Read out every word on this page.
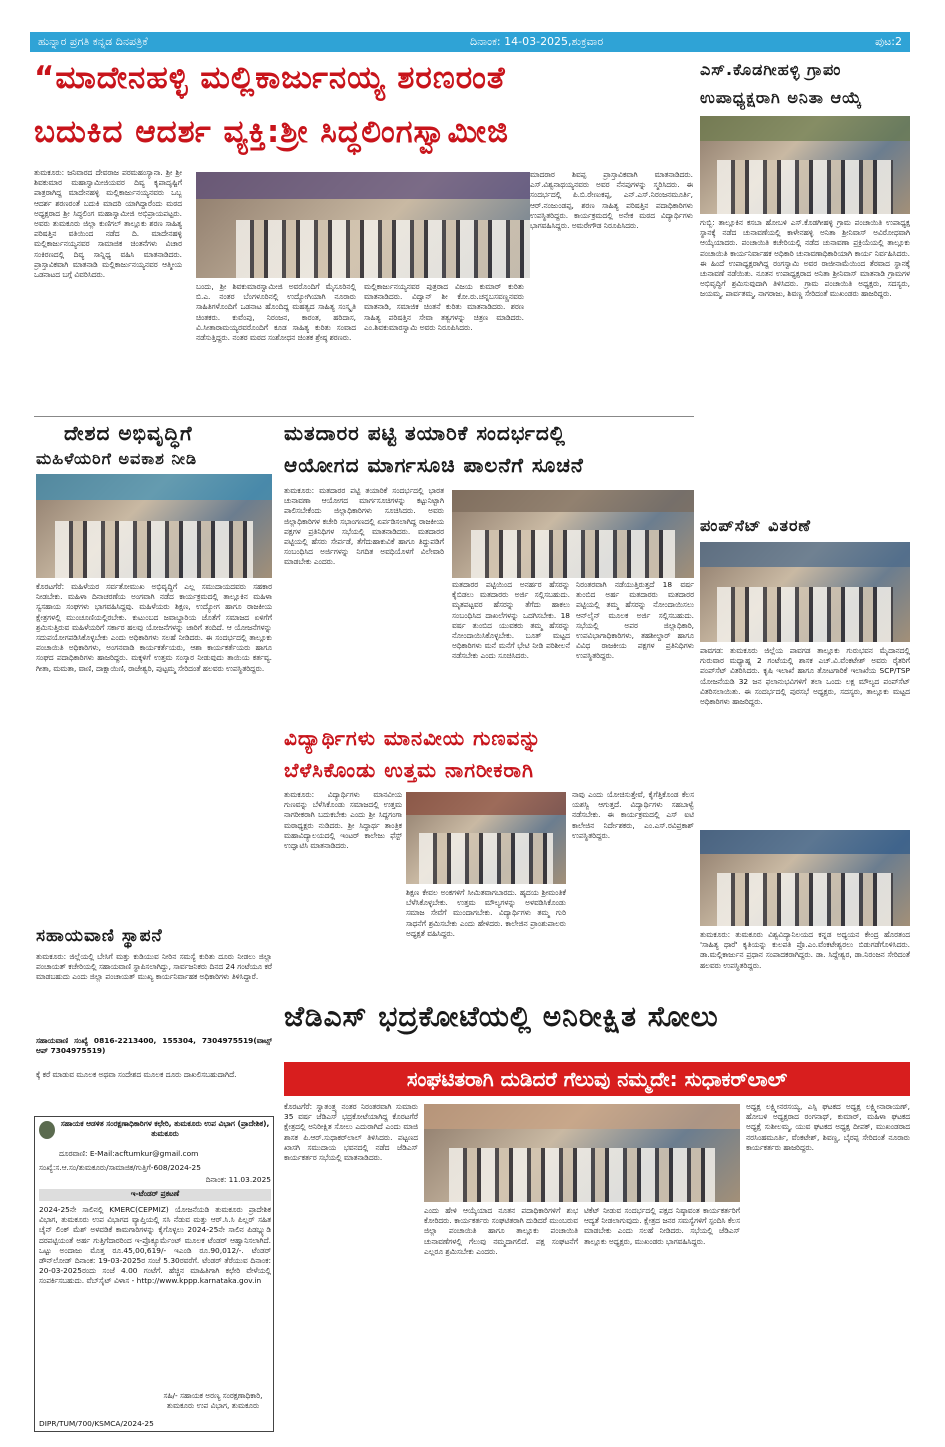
ಹುನ್ನಾರ ಪ್ರಗತಿ ಕನ್ನಡ ದಿನಪತ್ರಿಕೆ	ದಿನಾಂಕ: 14-03-2025,ಶುಕ್ರವಾರ	ಪುಟ:2
“ಮಾದೇನಹಳ್ಳಿ ಮಲ್ಲಿಕಾರ್ಜುನಯ್ಯ ಶರಣರಂತೆ
ಬದುಕಿದ ಆದರ್ಶ ವ್ಯಕ್ತಿ:ಶ್ರೀ ಸಿದ್ಧಲಿಂಗಸ್ವಾಮೀಜಿ
ತುಮಕೂರು: ಜನಿವಾರದ ದೇವರಾಜ ಪರಮಹಂಸ್ಯಾನಾ. ಶ್ರೀ ಶ್ರೀ ಶಿವಕುಮಾರ ಮಹಾಸ್ವಾಮೀಜಿಯವರ ದಿವ್ಯ ಕೃಪಾದೃಷ್ಟಿಗೆ ಪಾತ್ರರಾಗಿದ್ದ ಮಾದೇನಹಳ್ಳಿ ಮಲ್ಲಿಕಾರ್ಜುನಯ್ಯನವರು ಒಬ್ಬ ಆದರ್ಶ ಶರಣರಂತೆ ಬದುಕಿ ಮಾದರಿ ಯಾಗಿದ್ದಾರೆಂದು ಮಠದ ಅಧ್ಯಕ್ಷರಾದ ಶ್ರೀ ಸಿದ್ಧಲಿಂಗ ಮಹಾಸ್ವಾಮೀಜಿ ಅಭಿಪ್ರಾಯಪಟ್ಟರು. ಅವರು ತುಮಕೂರು ಜಿಲ್ಲಾ ಕುಣಿಗಲ್ ತಾಲ್ಲೂಕು ಶರಣ ಸಾಹಿತ್ಯ ಪರಿಷತ್ತಿನ ವತಿಯಿಂದ ನಡೆದ ದಿ. ಮಾದೇನಹಳ್ಳಿ ಮಲ್ಲಿಕಾರ್ಜುನಯ್ಯನವರ ಸಾಮಾಜಿಕ ಚಿಂತನೆಗಳು ವಿಚಾರ ಸಂಕಿರಣದಲ್ಲಿ ದಿವ್ಯ ಸಾನ್ನಿಧ್ಯ ವಹಿಸಿ ಮಾತನಾಡಿದರು. ಪ್ರಾಸ್ತಾವಿಕವಾಗಿ ಮಾತನಾಡಿ ಮಲ್ಲಿಕಾರ್ಜುನಯ್ಯನವರ ಆತ್ಮೀಯ ಒಡನಾಟದ ಬಗ್ಗೆ ವಿವರಿಸಿದರು.
ಬಂದು, ಶ್ರೀ ಶಿವಕುಮಾರಸ್ವಾಮೀಜಿ ಅವರೊಂದಿಗೆ ಮೈಸೂರಿನಲ್ಲಿ ಬಿ.ಎ. ನಂತರ ಬೆಂಗಳೂರಿನಲ್ಲಿ ಉದ್ಯೋಗಿಯಾಗಿ ನೂರಾರು ಸಾಹಿತಿಗಳೊಂದಿಗೆ ಒಡನಾಟ ಹೊಂದಿದ್ದ ಮಹತ್ವದ ಸಾಹಿತ್ಯ ಸಂಸ್ಕೃತಿ ಚಿಂತಕರು. ಕುವೆಂಪು, ನಿರಂಜನ, ಕಾರಂತ, ಹರಿದಾಸ, ವಿ.ಸೀತಾರಾಮಯ್ಯರವರೊಂದಿಗೆ ಕೂಡ ಸಾಹಿತ್ಯ ಕುರಿತು ಸಂವಾದ ನಡೆಸುತ್ತಿದ್ದರು. ನಂತರ ಮಠದ ಸಂಶೋಧನ ಚಿಂತಕ ಶ್ರೇಷ್ಠ ಶರಣರು.
ಮಲ್ಲಿಕಾರ್ಜುನಯ್ಯನವರ ಪುತ್ರರಾದ ವಿಜಯ ಕುಮಾರ್ ಕುರಿತು ಮಾತನಾಡಿದರು. ವಿದ್ವಾನ್ ಶೀ ಕೋ.ರು.ಚನ್ನಬಸವಣ್ಣನವರು ಮಾತನಾಡಿ, ಸಮಾಜಿಕ ಚಿಂತನೆ ಕುರಿತು ಮಾತನಾಡಿದರು. ಶರಣ ಸಾಹಿತ್ಯ ಪರಿಷತ್ತಿನ ಸೇವಾ ತತ್ವಗಳನ್ನು ಚಿತ್ರಣ ಮಾಡಿದರು. ಎಂ.ಶಿವಕುಮಾರಸ್ವಾಮಿ ಅವರು ನಿರೂಪಿಸಿದರು.
ಮಾದರಾರ ಶಿವಪ್ಪ ಪ್ರಾಸ್ತಾವಿಕವಾಗಿ ಮಾತನಾಡಿದರು. ಎಸ್.ವಿಶ್ವನಾಥಯ್ಯನವರು ಅವರ ನೆನಪುಗಳನ್ನು ಸ್ಮರಿಸಿದರು. ಈ ಸಂದರ್ಭದಲ್ಲಿ ಪಿ.ಬಿ.ರೇಣುಕಪ್ಪ, ಎನ್.ಎಸ್.ನಿರಂಜನಮೂರ್ತಿ, ಆರ್.ನಂಜುಂಡಪ್ಪ, ಶರಣ ಸಾಹಿತ್ಯ ಪರಿಷತ್ತಿನ ಪದಾಧಿಕಾರಿಗಳು ಉಪಸ್ಥಿತರಿದ್ದರು. ಕಾರ್ಯಕ್ರಮದಲ್ಲಿ ಅನೇಕ ಮಠದ ವಿದ್ಯಾರ್ಥಿಗಳು ಭಾಗವಹಿಸಿದ್ದರು. ಅಮರೇಗೌಡ ನಿರೂಪಿಸಿದರು.
ದೇಶದ ಅಭಿವೃದ್ಧಿಗೆ
ಮಹಿಳೆಯರಿಗೆ ಅವಕಾಶ ನೀಡಿ
ಕೊರಟಗೆರೆ: ಮಹಿಳೆಯರ ಸರ್ವತೋಮುಖ ಅಭಿವೃದ್ಧಿಗೆ ಎಲ್ಲ ಸಮುದಾಯದವರು ಸಹಕಾರ ನೀಡಬೇಕು. ಮಹಿಳಾ ದಿನಾಚರಣೆಯ ಅಂಗವಾಗಿ ನಡೆದ ಕಾರ್ಯಕ್ರಮದಲ್ಲಿ ತಾಲ್ಲೂಕಿನ ಮಹಿಳಾ ಸ್ವಸಹಾಯ ಸಂಘಗಳು ಭಾಗವಹಿಸಿದ್ದವು. ಮಹಿಳೆಯರು ಶಿಕ್ಷಣ, ಉದ್ಯೋಗ ಹಾಗೂ ರಾಜಕೀಯ ಕ್ಷೇತ್ರಗಳಲ್ಲಿ ಮುಂಚೂಣಿಯಲ್ಲಿರಬೇಕು. ಕುಟುಂಬದ ಜವಾಬ್ದಾರಿಯ ಜೊತೆಗೆ ಸಮಾಜದ ಏಳಿಗೆಗೆ ಶ್ರಮಿಸುತ್ತಿರುವ ಮಹಿಳೆಯರಿಗೆ ಸರ್ಕಾರ ಹಲವು ಯೋಜನೆಗಳನ್ನು ಜಾರಿಗೆ ತಂದಿದೆ. ಆ ಯೋಜನೆಗಳನ್ನು ಸದುಪಯೋಗಪಡಿಸಿಕೊಳ್ಳಬೇಕು ಎಂದು ಅಧಿಕಾರಿಗಳು ಸಲಹೆ ನೀಡಿದರು. ಈ ಸಂದರ್ಭದಲ್ಲಿ ತಾಲ್ಲೂಕು ಪಂಚಾಯಿತಿ ಅಧಿಕಾರಿಗಳು, ಅಂಗನವಾಡಿ ಕಾರ್ಯಕರ್ತೆಯರು, ಆಶಾ ಕಾರ್ಯಕರ್ತೆಯರು ಹಾಗೂ ಸಂಘದ ಪದಾಧಿಕಾರಿಗಳು ಹಾಜರಿದ್ದರು. ಮಕ್ಕಳಿಗೆ ಉತ್ತಮ ಸಂಸ್ಕಾರ ನೀಡುವುದು ತಾಯಿಯ ಕರ್ತವ್ಯ. ಗೀತಾ, ಮಮತಾ, ವಾಣಿ, ದಾಕ್ಷಾಯಿಣಿ, ರಾಜೇಶ್ವರಿ, ಪುಟ್ಟಮ್ಮ ಸೇರಿದಂತೆ ಹಲವರು ಉಪಸ್ಥಿತರಿದ್ದರು.
ಸಹಾಯವಾಣಿ ಸ್ಥಾಪನೆ
ತುಮಕೂರು: ಜಿಲ್ಲೆಯಲ್ಲಿ ಬೇಸಿಗೆ ಮತ್ತು ಕುಡಿಯುವ ನೀರಿನ ಸಮಸ್ಯೆ ಕುರಿತು ದೂರು ನೀಡಲು ಜಿಲ್ಲಾ ಪಂಚಾಯತ್ ಕಚೇರಿಯಲ್ಲಿ ಸಹಾಯವಾಣಿ ಸ್ಥಾಪಿಸಲಾಗಿದ್ದು, ಸಾರ್ವಜನಿಕರು ದಿನದ 24 ಗಂಟೆಯೂ ಕರೆ ಮಾಡಬಹುದು ಎಂದು ಜಿಲ್ಲಾ ಪಂಚಾಯತ್ ಮುಖ್ಯ ಕಾರ್ಯನಿರ್ವಾಹಕ ಅಧಿಕಾರಿಗಳು ತಿಳಿಸಿದ್ದಾರೆ.
ಸಹಾಯವಾಣಿ ಸಂಖ್ಯೆ 0816-2213400, 155304, 7304975519(ವಾಟ್ಸ್ ಆಪ್ 7304975519)
ಕ್ಕೆ ಕರೆ ಮಾಡುವ ಮೂಲಕ ಅಥವಾ ಸಂದೇಶದ ಮೂಲಕ ದೂರು ದಾಖಲಿಸಬಹುದಾಗಿದೆ.
ಸಹಾಯಕ ಆಡಳಿತ ಸಂರಕ್ಷಣಾಧಿಕಾರಿಗಳ ಕಛೇರಿ, ತುಮಕೂರು ಉಪ ವಿಭಾಗ (ಪ್ರಾದೇಶಿಕ), ತುಮಕೂರು
ದೂರವಾಣಿ: E-Mail:acftumkur@gmail.com
ಸಂಖ್ಯೆ:ಸ.ಆ.ಸಂ/ತುಮಕೂರು/ಸಾಮಾಜಿಕ/ಗುತ್ತಿಗೆ-608/2024-25
ದಿನಾಂಕ: 11.03.2025
ಇ-ಟೆಂಡರ್ ಪ್ರಕಟಣೆ
2024-25ನೇ ಸಾಲಿನಲ್ಲಿ KMERC(CEPMIZ) ಯೋಜನೆಯಡಿ ತುಮಕೂರು ಪ್ರಾದೇಶಿಕ ವಿಭಾಗ, ತುಮಕೂರು ಉಪ ವಿಭಾಗದ ವ್ಯಾಪ್ತಿಯಲ್ಲಿ ಸಸಿ ನೆಡುವ ಮತ್ತು ಆರ್.ಸಿ.ಸಿ ಪಿಲ್ಲರ್ ಸಹಿತ ಚೈನ್ ಲಿಂಕ್ ಮೆಶ್ ಅಳವಡಿಕೆ ಕಾಮಗಾರಿಗಳನ್ನು ಕೈಗೊಳ್ಳಲು 2024-25ನೇ ಸಾಲಿನ ಪಿಡಬ್ಲ್ಯುಡಿ ದರಪಟ್ಟಿಯಂತೆ ಅರ್ಹ ಗುತ್ತಿಗೆದಾರರಿಂದ ಇ-ಪ್ರೊಕ್ಯೂರ್ಮೆಂಟ್ ಮೂಲಕ ಟೆಂಡರ್ ಆಹ್ವಾನಿಸಲಾಗಿದೆ. ಒಟ್ಟು ಅಂದಾಜು ಮೊತ್ತ ರೂ.45,00,619/- ಇಎಂಡಿ ರೂ.90,012/-. ಟೆಂಡರ್ ಡೌನ್‌ಲೋಡ್ ದಿನಾಂಕ: 19-03-2025ರ ಸಂಜೆ 5.30ರವರೆಗೆ. ಟೆಂಡರ್ ತೆರೆಯುವ ದಿನಾಂಕ: 20-03-2025ರಂದು ಸಂಜೆ 4.00 ಗಂಟೆಗೆ. ಹೆಚ್ಚಿನ ಮಾಹಿತಿಗಾಗಿ ಕಛೇರಿ ವೇಳೆಯಲ್ಲಿ ಸಂಪರ್ಕಿಸಬಹುದು. ವೆಬ್‌ಸೈಟ್ ವಿಳಾಸ - http://www.kppp.karnataka.gov.in
ಸಹಿ/- ಸಹಾಯಕ ಅರಣ್ಯ ಸಂರಕ್ಷಣಾಧಿಕಾರಿ, ತುಮಕೂರು ಉಪ ವಿಭಾಗ, ತುಮಕೂರು
DIPR/TUM/700/KSMCA/2024-25
ಮತದಾರರ ಪಟ್ಟಿ ತಯಾರಿಕೆ ಸಂದರ್ಭದಲ್ಲಿ
ಆಯೋಗದ ಮಾರ್ಗಸೂಚಿ ಪಾಲನೆಗೆ ಸೂಚನೆ
ತುಮಕೂರು: ಮತದಾರರ ಪಟ್ಟಿ ತಯಾರಿಕೆ ಸಂದರ್ಭದಲ್ಲಿ ಭಾರತ ಚುನಾವಣಾ ಆಯೋಗದ ಮಾರ್ಗಸೂಚಿಗಳನ್ನು ಕಟ್ಟುನಿಟ್ಟಾಗಿ ಪಾಲಿಸಬೇಕೆಂದು ಜಿಲ್ಲಾಧಿಕಾರಿಗಳು ಸೂಚಿಸಿದರು. ಅವರು ಜಿಲ್ಲಾಧಿಕಾರಿಗಳ ಕಚೇರಿ ಸಭಾಂಗಣದಲ್ಲಿ ಏರ್ಪಡಿಸಲಾಗಿದ್ದ ರಾಜಕೀಯ ಪಕ್ಷಗಳ ಪ್ರತಿನಿಧಿಗಳ ಸಭೆಯಲ್ಲಿ ಮಾತನಾಡಿದರು. ಮತದಾರರ ಪಟ್ಟಿಯಲ್ಲಿ ಹೆಸರು ಸೇರ್ಪಡೆ, ತೆಗೆದುಹಾಕುವಿಕೆ ಹಾಗೂ ತಿದ್ದುಪಡಿಗೆ ಸಂಬಂಧಿಸಿದ ಅರ್ಜಿಗಳನ್ನು ನಿಗದಿತ ಅವಧಿಯೊಳಗೆ ವಿಲೇವಾರಿ ಮಾಡಬೇಕು ಎಂದರು.
ಮತದಾರರ ಪಟ್ಟಿಯಿಂದ ಅನರ್ಹರ ಹೆಸರನ್ನು ಕೈಬಿಡಲು ಮತದಾರರು ಅರ್ಜಿ ಸಲ್ಲಿಸಬಹುದು. ಮೃತಪಟ್ಟವರ ಹೆಸರನ್ನು ತೆಗೆದು ಹಾಕಲು ಸಂಬಂಧಿಸಿದ ದಾಖಲೆಗಳನ್ನು ಒದಗಿಸಬೇಕು. 18 ವರ್ಷ ತುಂಬಿದ ಯುವಕರು ತಮ್ಮ ಹೆಸರನ್ನು ನೋಂದಾಯಿಸಿಕೊಳ್ಳಬೇಕು. ಬೂತ್ ಮಟ್ಟದ ಅಧಿಕಾರಿಗಳು ಮನೆ ಮನೆಗೆ ಭೇಟಿ ನೀಡಿ ಪರಿಶೀಲನೆ ನಡೆಸಬೇಕು ಎಂದು ಸೂಚಿಸಿದರು.
ನಿರಂತರವಾಗಿ ನಡೆಯುತ್ತಿರುತ್ತದೆ 18 ವರ್ಷ ತುಂಬಿದ ಅರ್ಹ ಮತದಾರರು ಮತದಾರರ ಪಟ್ಟಿಯಲ್ಲಿ ತಮ್ಮ ಹೆಸರನ್ನು ನೋಂದಾಯಿಸಲು ಆನ್‌ಲೈನ್ ಮೂಲಕ ಅರ್ಜಿ ಸಲ್ಲಿಸಬಹುದು. ಸಭೆಯಲ್ಲಿ ಅಪರ ಜಿಲ್ಲಾಧಿಕಾರಿ, ಉಪವಿಭಾಗಾಧಿಕಾರಿಗಳು, ತಹಶೀಲ್ದಾರ್ ಹಾಗೂ ವಿವಿಧ ರಾಜಕೀಯ ಪಕ್ಷಗಳ ಪ್ರತಿನಿಧಿಗಳು ಉಪಸ್ಥಿತರಿದ್ದರು.
ವಿದ್ಯಾರ್ಥಿಗಳು ಮಾನವೀಯ ಗುಣವನ್ನು
ಬೆಳೆಸಿಕೊಂಡು ಉತ್ತಮ ನಾಗರೀಕರಾಗಿ
ತುಮಕೂರು: ವಿದ್ಯಾರ್ಥಿಗಳು ಮಾನವೀಯ ಗುಣವನ್ನು ಬೆಳೆಸಿಕೊಂಡು ಸಮಾಜದಲ್ಲಿ ಉತ್ತಮ ನಾಗರೀಕರಾಗಿ ಬದುಕಬೇಕು ಎಂದು ಶ್ರೀ ಸಿದ್ದಗಂಗಾ ಮಠಾಧ್ಯಕ್ಷರು ನುಡಿದರು. ಶ್ರೀ ಸಿದ್ಧಾರ್ಥ ತಾಂತ್ರಿಕ ಮಹಾವಿದ್ಯಾಲಯದಲ್ಲಿ ಇಂಟರ್ ಕಾಲೇಜು ಫೆಸ್ಟ್ ಉದ್ಘಾಟಿಸಿ ಮಾತನಾಡಿದರು.
ಶಿಕ್ಷಣ ಕೇವಲ ಅಂಕಗಳಿಗೆ ಸೀಮಿತವಾಗಬಾರದು. ಹೃದಯ ಶ್ರೀಮಂತಿಕೆ ಬೆಳೆಸಿಕೊಳ್ಳಬೇಕು. ಉತ್ತಮ ಮೌಲ್ಯಗಳನ್ನು ಅಳವಡಿಸಿಕೊಂಡು ಸಮಾಜ ಸೇವೆಗೆ ಮುಂದಾಗಬೇಕು. ವಿದ್ಯಾರ್ಥಿಗಳು ತಮ್ಮ ಗುರಿ ಸಾಧನೆಗೆ ಶ್ರಮಿಸಬೇಕು ಎಂದು ಹೇಳಿದರು. ಕಾಲೇಜಿನ ಪ್ರಾಂಶುಪಾಲರು ಅಧ್ಯಕ್ಷತೆ ವಹಿಸಿದ್ದರು.
ನಾವು ಎಂದು ಯೋಚಿಸುತ್ತೇವೆ, ಕೈಗೆತ್ತಿಕೊಂಡ ಕೆಲಸ ಯಶಸ್ವಿ ಆಗುತ್ತದೆ. ವಿದ್ಯಾರ್ಥಿಗಳು ಸಹಬಾಳ್ವೆ ನಡೆಸಬೇಕು. ಈ ಕಾರ್ಯಕ್ರಮದಲ್ಲಿ ಎಸ್ ಐಟಿ ಕಾಲೇಜಿನ ನಿರ್ದೇಶಕರು, ಎಂ.ಎಸ್.ರವಿಪ್ರಕಾಶ್ ಉಪಸ್ಥಿತರಿದ್ದರು.
ಎಸ್.ಕೊಡಗೀಹಳ್ಳಿ ಗ್ರಾಪಂ
ಉಪಾಧ್ಯಕ್ಷರಾಗಿ ಅನಿತಾ ಆಯ್ಕೆ
ಗುಬ್ಬಿ: ತಾಲ್ಲೂಕಿನ ಕಸಬಾ ಹೋಬಳಿ ಎಸ್.ಕೊಡಗೀಹಳ್ಳಿ ಗ್ರಾಮ ಪಂಚಾಯಿತಿ ಉಪಾಧ್ಯಕ್ಷ ಸ್ಥಾನಕ್ಕೆ ನಡೆದ ಚುನಾವಣೆಯಲ್ಲಿ ಕಾಳೇನಹಳ್ಳಿ ಅನಿತಾ ಶ್ರೀನಿವಾಸ್ ಅವಿರೋಧವಾಗಿ ಆಯ್ಕೆಯಾದರು. ಪಂಚಾಯಿತಿ ಕಚೇರಿಯಲ್ಲಿ ನಡೆದ ಚುನಾವಣಾ ಪ್ರಕ್ರಿಯೆಯಲ್ಲಿ ತಾಲ್ಲೂಕು ಪಂಚಾಯಿತಿ ಕಾರ್ಯನಿರ್ವಾಹಕ ಅಧಿಕಾರಿ ಚುನಾವಣಾಧಿಕಾರಿಯಾಗಿ ಕಾರ್ಯ ನಿರ್ವಹಿಸಿದರು. ಈ ಹಿಂದೆ ಉಪಾಧ್ಯಕ್ಷರಾಗಿದ್ದ ರಂಗಸ್ವಾಮಿ ಅವರ ರಾಜೀನಾಮೆಯಿಂದ ತೆರವಾದ ಸ್ಥಾನಕ್ಕೆ ಚುನಾವಣೆ ನಡೆಯಿತು. ನೂತನ ಉಪಾಧ್ಯಕ್ಷರಾದ ಅನಿತಾ ಶ್ರೀನಿವಾಸ್ ಮಾತನಾಡಿ ಗ್ರಾಮಗಳ ಅಭಿವೃದ್ಧಿಗೆ ಶ್ರಮಿಸುವುದಾಗಿ ತಿಳಿಸಿದರು. ಗ್ರಾಮ ಪಂಚಾಯಿತಿ ಅಧ್ಯಕ್ಷರು, ಸದಸ್ಯರು, ಜಯಮ್ಮ, ಪಾರ್ವತಮ್ಮ, ನಾಗರಾಜು, ಶಿವಣ್ಣ ಸೇರಿದಂತೆ ಮುಖಂಡರು ಹಾಜರಿದ್ದರು.
ಪಂಪ್‌ಸೆಟ್ ವಿತರಣೆ
ಪಾವಗಡ: ತುಮಕೂರು ಜಿಲ್ಲೆಯ ಪಾವಗಡ ತಾಲ್ಲೂಕು ಗುರುಭವನ ಮೈದಾನದಲ್ಲಿ ಗುರುವಾರ ಮಧ್ಯಾಹ್ನ 2 ಗಂಟೆಯಲ್ಲಿ ಶಾಸಕ ಎಚ್.ವಿ.ವೆಂಕಟೇಶ್ ಅವರು ರೈತರಿಗೆ ಪಂಪ್‌ಸೆಟ್ ವಿತರಿಸಿದರು. ಕೃಷಿ ಇಲಾಖೆ ಹಾಗೂ ತೋಟಗಾರಿಕೆ ಇಲಾಖೆಯ SCP/TSP ಯೋಜನೆಯಡಿ 32 ಜನ ಫಲಾನುಭವಿಗಳಿಗೆ ತಲಾ ಒಂದು ಲಕ್ಷ ಮೌಲ್ಯದ ಪಂಪ್‌ಸೆಟ್ ವಿತರಿಸಲಾಯಿತು. ಈ ಸಂದರ್ಭದಲ್ಲಿ ಪುರಸಭೆ ಅಧ್ಯಕ್ಷರು, ಸದಸ್ಯರು, ತಾಲ್ಲೂಕು ಮಟ್ಟದ ಅಧಿಕಾರಿಗಳು ಹಾಜರಿದ್ದರು.
ತುಮಕೂರು: ತುಮಕೂರು ವಿಶ್ವವಿದ್ಯಾನಿಲಯದ ಕನ್ನಡ ಅಧ್ಯಯನ ಕೇಂದ್ರ ಹೊರತಂದ 'ಸಾಹಿತ್ಯ ಧಾರೆ' ಕೃತಿಯನ್ನು ಕುಲಪತಿ ಪ್ರೊ.ಎಂ.ವೆಂಕಟೇಶ್ವರಲು ಬಿಡುಗಡೆಗೊಳಿಸಿದರು. ಡಾ.ಮಲ್ಲಿಕಾರ್ಜುನ ಪ್ರಧಾನ ಸಂಪಾದಕರಾಗಿದ್ದರು. ಡಾ. ಸಿದ್ದೇಶ್ವರ, ಡಾ.ನಿರಂಜನ ಸೇರಿದಂತೆ ಹಲವರು ಉಪಸ್ಥಿತರಿದ್ದರು.
ಜೆಡಿಎಸ್ ಭದ್ರಕೋಟೆಯಲ್ಲಿ ಅನಿರೀಕ್ಷಿತ ಸೋಲು
ಸಂಘಟಿತರಾಗಿ ದುಡಿದರೆ ಗೆಲುವು ನಮ್ಮದೇ: ಸುಧಾಕರ್‌ಲಾಲ್
ಕೊರಟಗೆರೆ: ಸ್ವಾತಂತ್ರ್ಯ ನಂತರ ನಿರಂತರವಾಗಿ ಸುಮಾರು 35 ವರ್ಷ ಜೆಡಿಎಸ್ ಭದ್ರಕೋಟೆಯಾಗಿದ್ದ ಕೊರಟಗೆರೆ ಕ್ಷೇತ್ರದಲ್ಲಿ ಅನಿರೀಕ್ಷಿತ ಸೋಲು ಎದುರಾಗಿದೆ ಎಂದು ಮಾಜಿ ಶಾಸಕ ಪಿ.ಆರ್.ಸುಧಾಕರ್‌ಲಾಲ್ ತಿಳಿಸಿದರು. ಪಟ್ಟಣದ ಖಾಸಗಿ ಸಮುದಾಯ ಭವನದಲ್ಲಿ ನಡೆದ ಜೆಡಿಎಸ್ ಕಾರ್ಯಕರ್ತರ ಸಭೆಯಲ್ಲಿ ಮಾತನಾಡಿದರು.
ಎಂದು ಹೇಳಿ ಆಯ್ಕೆಯಾದ ನೂತನ ಪದಾಧಿಕಾರಿಗಳಿಗೆ ಶುಭ ಕೋರಿದರು. ಕಾರ್ಯಕರ್ತರು ಸಂಘಟಿತರಾಗಿ ದುಡಿದರೆ ಮುಂಬರುವ ಜಿಲ್ಲಾ ಪಂಚಾಯಿತಿ ಹಾಗೂ ತಾಲ್ಲೂಕು ಪಂಚಾಯಿತಿ ಚುನಾವಣೆಗಳಲ್ಲಿ ಗೆಲುವು ನಮ್ಮದಾಗಲಿದೆ. ಪಕ್ಷ ಸಂಘಟನೆಗೆ ಎಲ್ಲರೂ ಶ್ರಮಿಸಬೇಕು ಎಂದರು.
ಟಿಕೆಟ್ ನೀಡುವ ಸಂದರ್ಭದಲ್ಲಿ ಪಕ್ಷದ ನಿಷ್ಠಾವಂತ ಕಾರ್ಯಕರ್ತರಿಗೆ ಆದ್ಯತೆ ನೀಡಲಾಗುವುದು. ಕ್ಷೇತ್ರದ ಜನರ ಸಮಸ್ಯೆಗಳಿಗೆ ಸ್ಪಂದಿಸಿ ಕೆಲಸ ಮಾಡಬೇಕು ಎಂದು ಸಲಹೆ ನೀಡಿದರು. ಸಭೆಯಲ್ಲಿ ಜೆಡಿಎಸ್ ತಾಲ್ಲೂಕು ಅಧ್ಯಕ್ಷರು, ಮುಖಂಡರು ಭಾಗವಹಿಸಿದ್ದರು.
ಅಧ್ಯಕ್ಷ ಲಕ್ಷ್ಮೀನರಸಯ್ಯ, ಎಸ್ಸಿ ಘಟಕದ ಅಧ್ಯಕ್ಷ ಲಕ್ಷ್ಮೀನಾರಾಯಣ್, ಹೋಬಳಿ ಅಧ್ಯಕ್ಷರಾದ ರಂಗನಾಥ್, ಕುಮಾರ್, ಮಹಿಳಾ ಘಟಕದ ಅಧ್ಯಕ್ಷೆ ಸುಶೀಲಮ್ಮ, ಯುವ ಘಟಕದ ಅಧ್ಯಕ್ಷ ದೀಪಕ್, ಮುಖಂಡರಾದ ನರಸಿಂಹಮೂರ್ತಿ, ವೆಂಕಟೇಶ್, ಶಿವಣ್ಣ, ಬೈರಪ್ಪ ಸೇರಿದಂತೆ ನೂರಾರು ಕಾರ್ಯಕರ್ತರು ಹಾಜರಿದ್ದರು.
